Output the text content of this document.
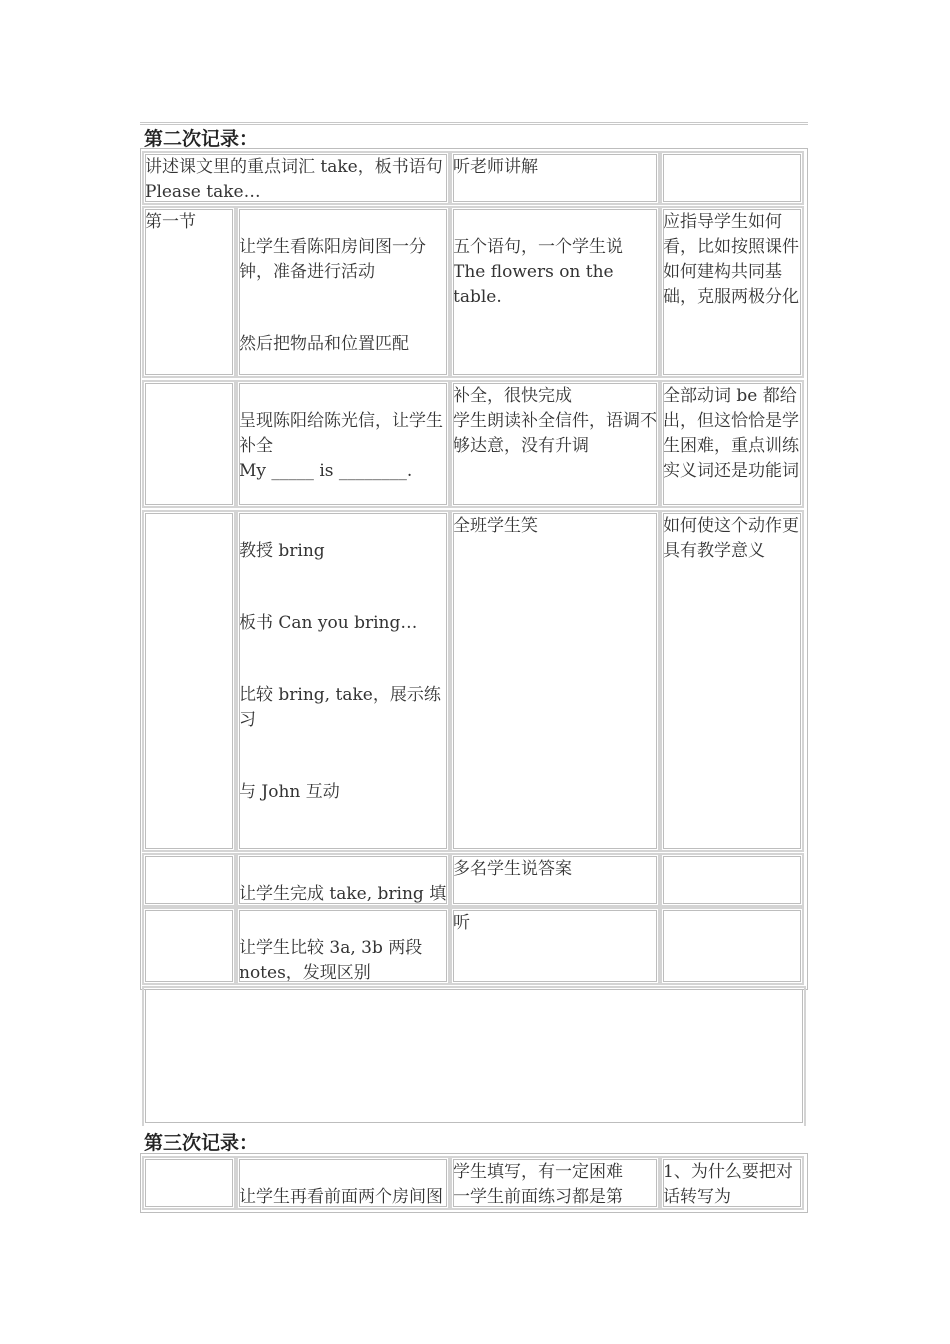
第二次记录：
讲述课文里的重点词汇 take，板书语句 Please take…
听老师讲解
第一节

让学生看陈阳房间图一分钟，准备进行活动

然后把物品和位置匹配

五个语句，一个学生说 The flowers on the table.
应指导学生如何看，比如按照课件如何建构共同基础，克服两极分化

呈现陈阳给陈光信，让学生补全
My _____ is ________.

补全，很快完成
学生朗读补全信件，语调不够达意，没有升调
全部动词 be 都给出，但这恰恰是学生困难，重点训练实义词还是功能词

教授 bring

板书 Can you bring…

比较 bring, take，展示练习

与 John 互动

全班学生笑	如何使这个动作更具有教学意义

让学生完成 take, bring 填

多名学生说答案

让学生比较 3a, 3b 两段 notes，发现区别

听
第三次记录：

让学生再看前面两个房间图

学生填写，有一定困难
一学生前面练习都是第
1、为什么要把对话转写为
